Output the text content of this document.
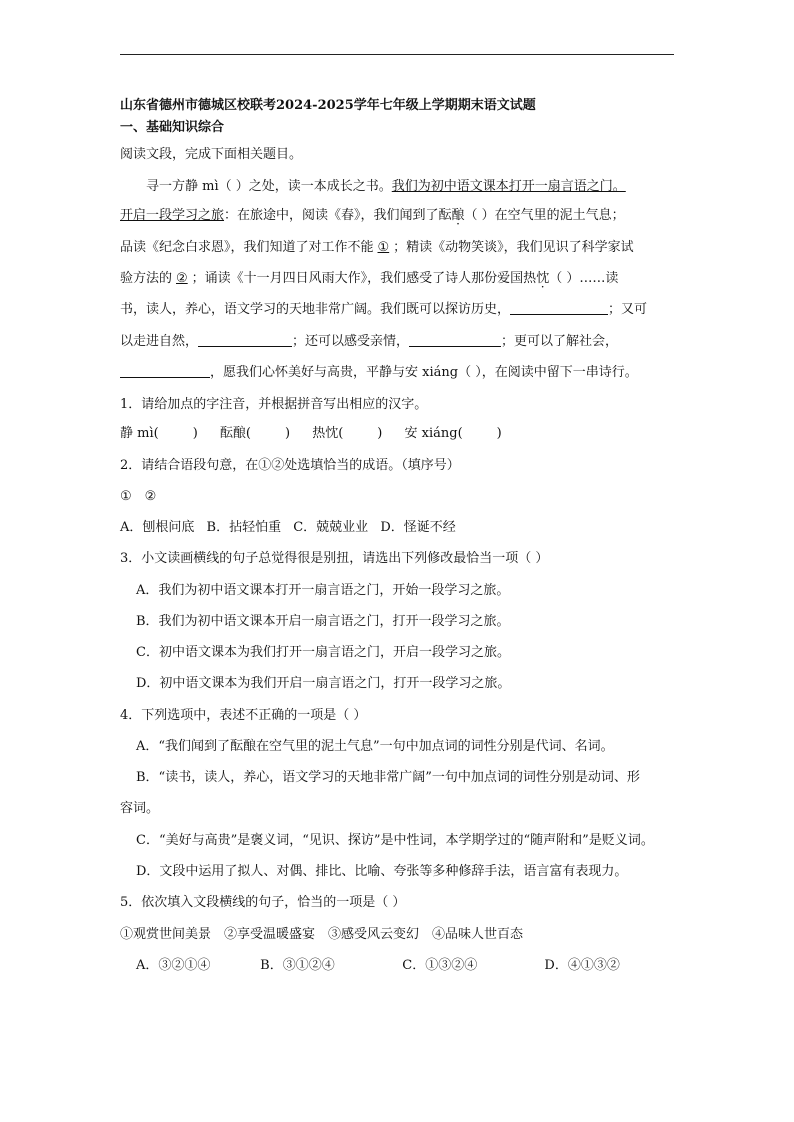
山东省德州市德城区校联考2024-2025学年七年级上学期期末语文试题
一、基础知识综合
阅读文段，完成下面相关题目。
寻一方静 mì（ ）之处，读一本成长之书。我们为初中语文课本打开一扇言语之门。
开启一段学习之旅：在旅途中，阅读《春》，我们闻到了酝酿（ ）在空气里的泥土气息；
品读《纪念白求恩》，我们知道了对工作不能 ① ；精读《动物笑谈》，我们见识了科学家试
验方法的 ② ；诵读《十一月四日风雨大作》，我们感受了诗人那份爱国热忱（ ）……读
书，读人，养心，语文学习的天地非常广阔。我们既可以探访历史，	；又可
以走进自然，	；还可以感受亲情，	；更可以了解社会，
，愿我们心怀美好与高贵，平静与安 xiáng（ ），在阅读中留下一串诗行。
1．请给加点的字注音，并根据拼音写出相应的汉字。
静 mì(	) 酝酿(	) 热忱(	) 安 xiáng(	)
2．请结合语段句意，在①②处选填恰当的成语。（填序号）
①　②
A．刨根问底 B．拈轻怕重 C．兢兢业业 D．怪诞不经
3．小文读画横线的句子总觉得很是别扭，请选出下列修改最恰当一项（ ）
A．我们为初中语文课本打开一扇言语之门，开始一段学习之旅。
B．我们为初中语文课本开启一扇言语之门，打开一段学习之旅。
C．初中语文课本为我们打开一扇言语之门，开启一段学习之旅。
D．初中语文课本为我们开启一扇言语之门，打开一段学习之旅。
4．下列选项中，表述不正确的一项是（ ）
A．“我们闻到了酝酿在空气里的泥土气息”一句中加点词的词性分别是代词、名词。
B．“读书，读人，养心，语文学习的天地非常广阔”一句中加点词的词性分别是动词、形
容词。
C．“美好与高贵”是褒义词，“见识、探访”是中性词，本学期学过的“随声附和”是贬义词。
D．文段中运用了拟人、对偶、排比、比喻、夸张等多种修辞手法，语言富有表现力。
5．依次填入文段横线的句子，恰当的一项是（ ）
①观赏世间美景　②享受温暖盛宴　③感受风云变幻　④品味人世百态
A．③②①④	B．③①②④	C．①③②④	D．④①③②
